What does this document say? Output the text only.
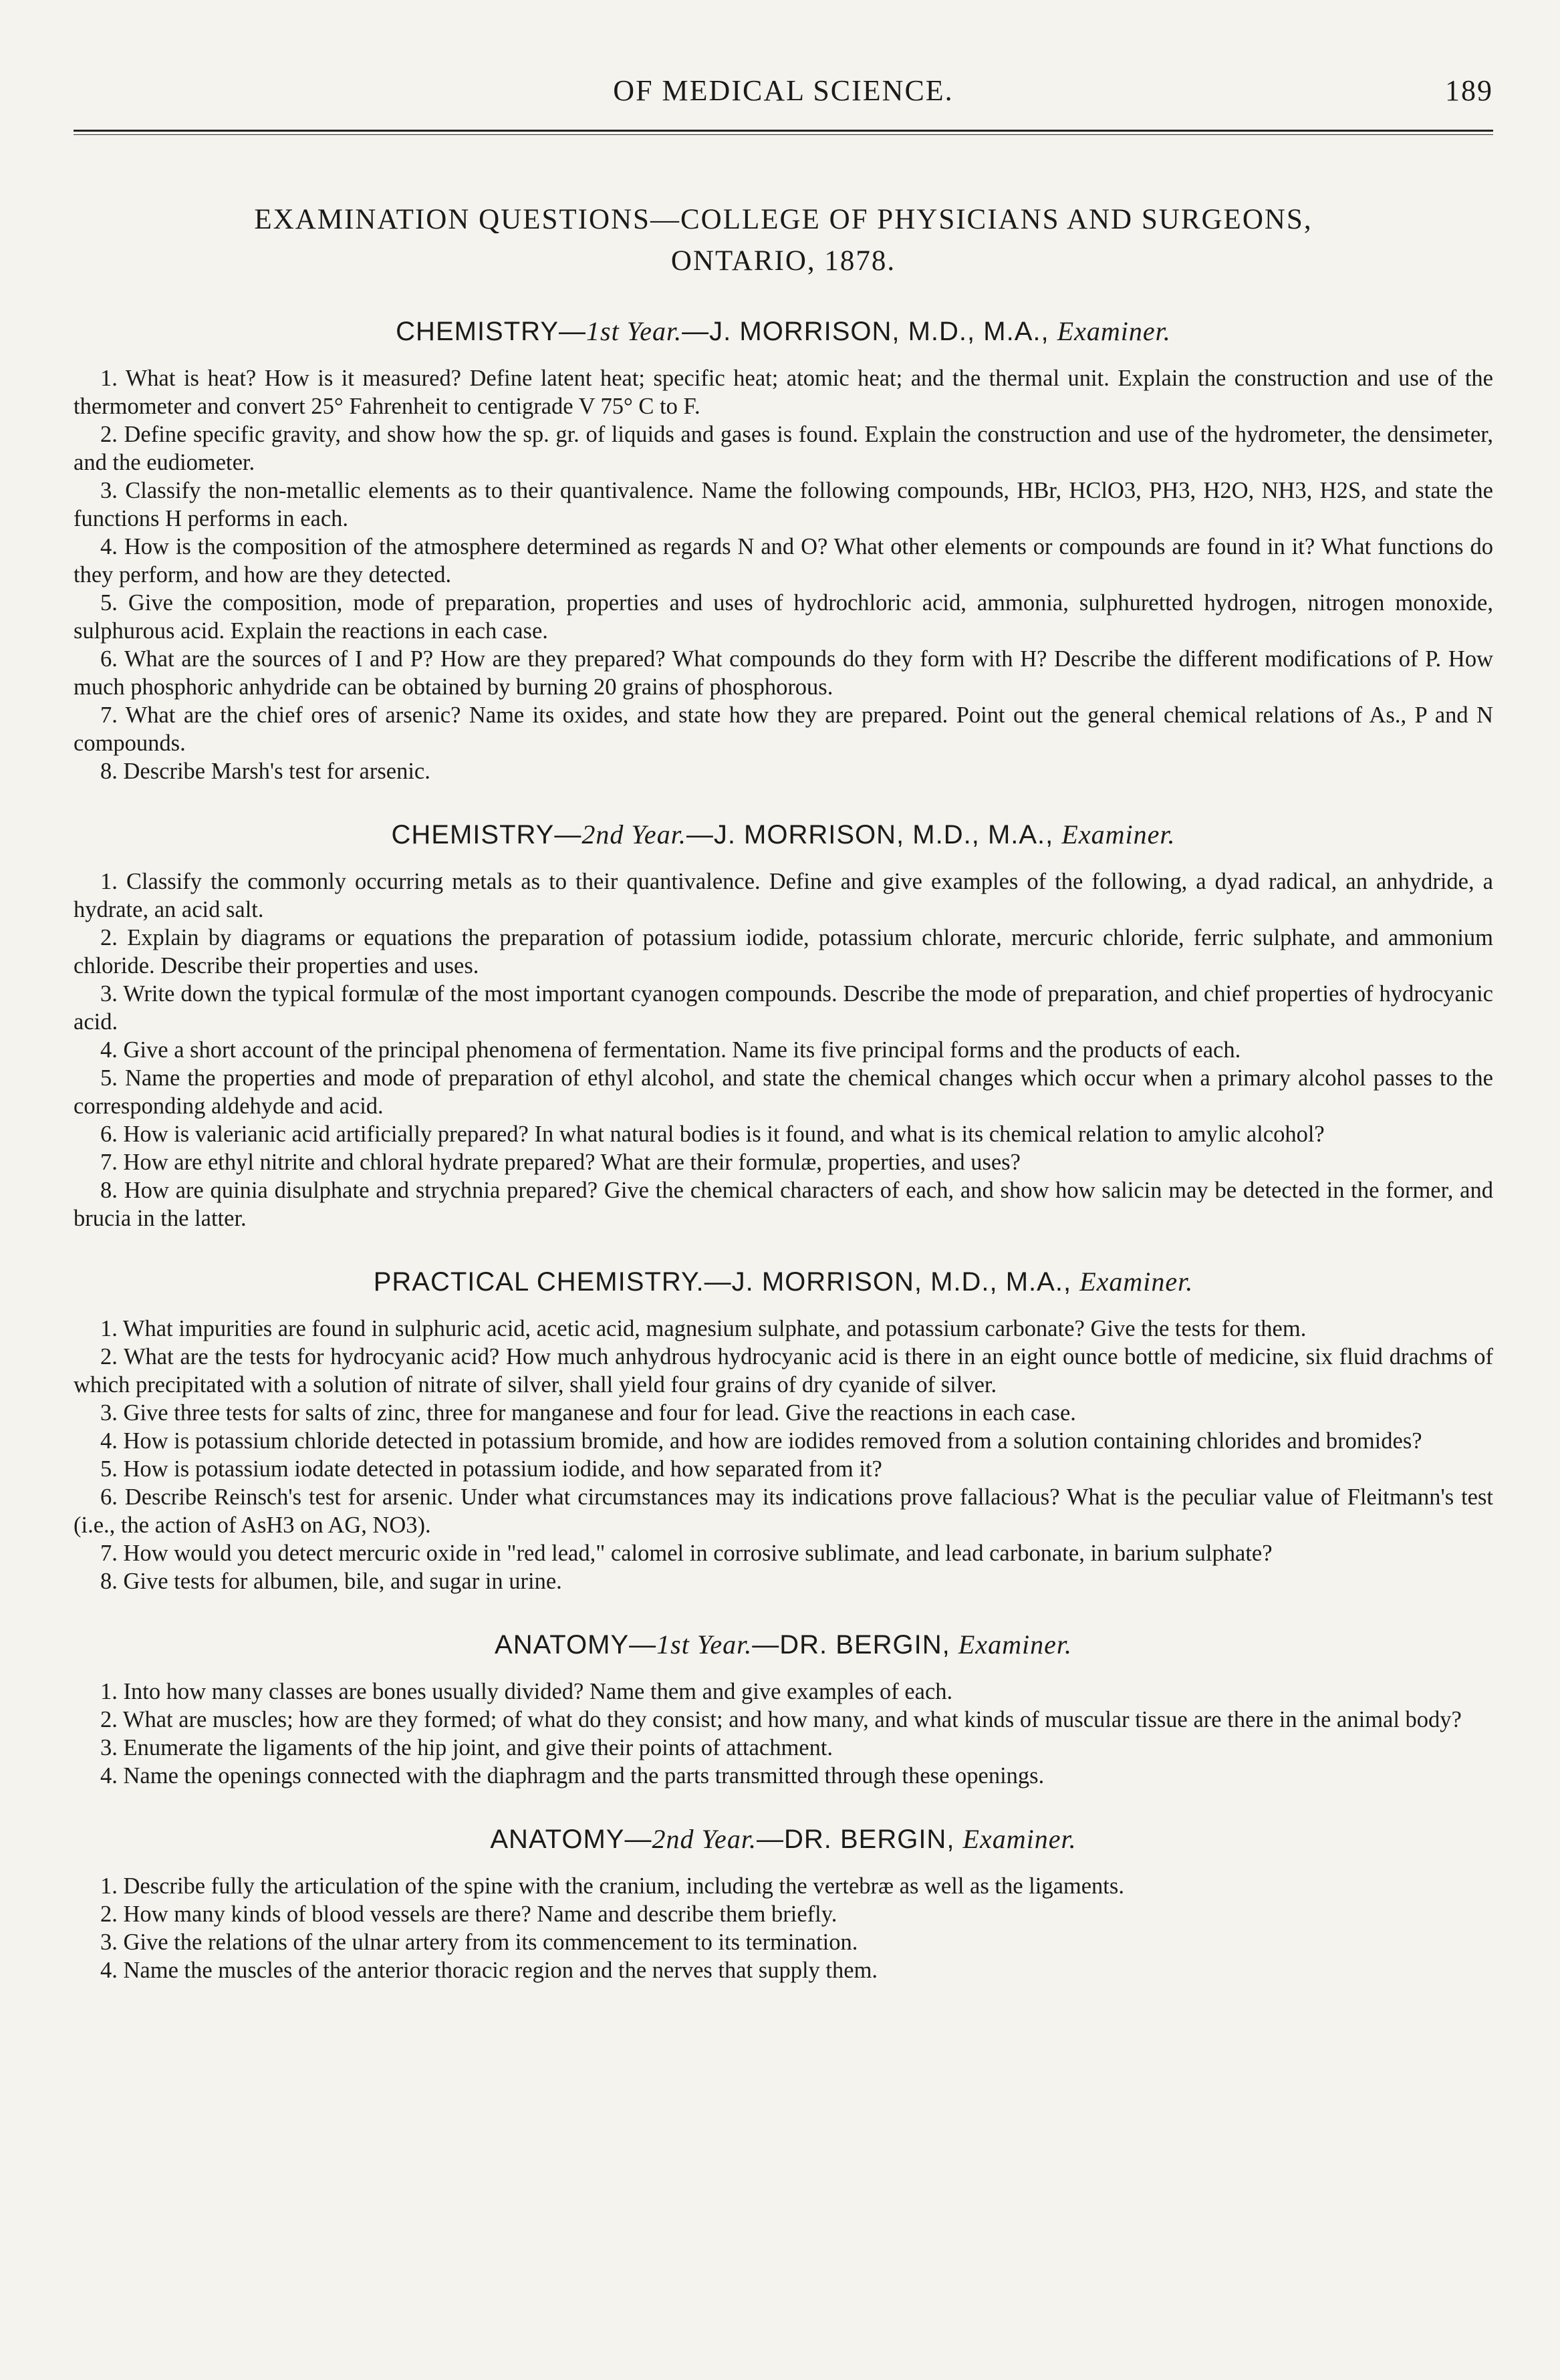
OF MEDICAL SCIENCE.	189
EXAMINATION QUESTIONS—COLLEGE OF PHYSICIANS AND SURGEONS,
ONTARIO, 1878.
CHEMISTRY—1st Year.—J. MORRISON, M.D., M.A., Examiner.
1. What is heat? How is it measured? Define latent heat; specific heat; atomic heat; and the thermal unit. Explain the construction and use of the thermometer and convert 25° Fahrenheit to centigrade V 75° C to F.
2. Define specific gravity, and show how the sp. gr. of liquids and gases is found. Explain the construction and use of the hydrometer, the densimeter, and the eudiometer.
3. Classify the non-metallic elements as to their quantivalence. Name the following compounds, HBr, HClO3, PH3, H2O, NH3, H2S, and state the functions H performs in each.
4. How is the composition of the atmosphere determined as regards N and O? What other elements or compounds are found in it? What functions do they perform, and how are they detected.
5. Give the composition, mode of preparation, properties and uses of hydrochloric acid, ammonia, sulphuretted hydrogen, nitrogen monoxide, sulphurous acid. Explain the reactions in each case.
6. What are the sources of I and P? How are they prepared? What compounds do they form with H? Describe the different modifications of P. How much phosphoric anhydride can be obtained by burning 20 grains of phosphorous.
7. What are the chief ores of arsenic? Name its oxides, and state how they are prepared. Point out the general chemical relations of As., P and N compounds.
8. Describe Marsh's test for arsenic.
CHEMISTRY—2nd Year.—J. MORRISON, M.D., M.A., Examiner.
1. Classify the commonly occurring metals as to their quantivalence. Define and give examples of the following, a dyad radical, an anhydride, a hydrate, an acid salt.
2. Explain by diagrams or equations the preparation of potassium iodide, potassium chlorate, mercuric chloride, ferric sulphate, and ammonium chloride. Describe their properties and uses.
3. Write down the typical formulæ of the most important cyanogen compounds. Describe the mode of preparation, and chief properties of hydrocyanic acid.
4. Give a short account of the principal phenomena of fermentation. Name its five principal forms and the products of each.
5. Name the properties and mode of preparation of ethyl alcohol, and state the chemical changes which occur when a primary alcohol passes to the corresponding aldehyde and acid.
6. How is valerianic acid artificially prepared? In what natural bodies is it found, and what is its chemical relation to amylic alcohol?
7. How are ethyl nitrite and chloral hydrate prepared? What are their formulæ, properties, and uses?
8. How are quinia disulphate and strychnia prepared? Give the chemical characters of each, and show how salicin may be detected in the former, and brucia in the latter.
PRACTICAL CHEMISTRY.—J. MORRISON, M.D., M.A., Examiner.
1. What impurities are found in sulphuric acid, acetic acid, magnesium sulphate, and potassium carbonate? Give the tests for them.
2. What are the tests for hydrocyanic acid? How much anhydrous hydrocyanic acid is there in an eight ounce bottle of medicine, six fluid drachms of which precipitated with a solution of nitrate of silver, shall yield four grains of dry cyanide of silver.
3. Give three tests for salts of zinc, three for manganese and four for lead. Give the reactions in each case.
4. How is potassium chloride detected in potassium bromide, and how are iodides removed from a solution containing chlorides and bromides?
5. How is potassium iodate detected in potassium iodide, and how separated from it?
6. Describe Reinsch's test for arsenic. Under what circumstances may its indications prove fallacious? What is the peculiar value of Fleitmann's test (i.e., the action of AsH3 on AG, NO3).
7. How would you detect mercuric oxide in "red lead," calomel in corrosive sublimate, and lead carbonate, in barium sulphate?
8. Give tests for albumen, bile, and sugar in urine.
ANATOMY—1st Year.—DR. BERGIN, Examiner.
1. Into how many classes are bones usually divided? Name them and give examples of each.
2. What are muscles; how are they formed; of what do they consist; and how many, and what kinds of muscular tissue are there in the animal body?
3. Enumerate the ligaments of the hip joint, and give their points of attachment.
4. Name the openings connected with the diaphragm and the parts transmitted through these openings.
ANATOMY—2nd Year.—DR. BERGIN, Examiner.
1. Describe fully the articulation of the spine with the cranium, including the vertebræ as well as the ligaments.
2. How many kinds of blood vessels are there? Name and describe them briefly.
3. Give the relations of the ulnar artery from its commencement to its termination.
4. Name the muscles of the anterior thoracic region and the nerves that supply them.
